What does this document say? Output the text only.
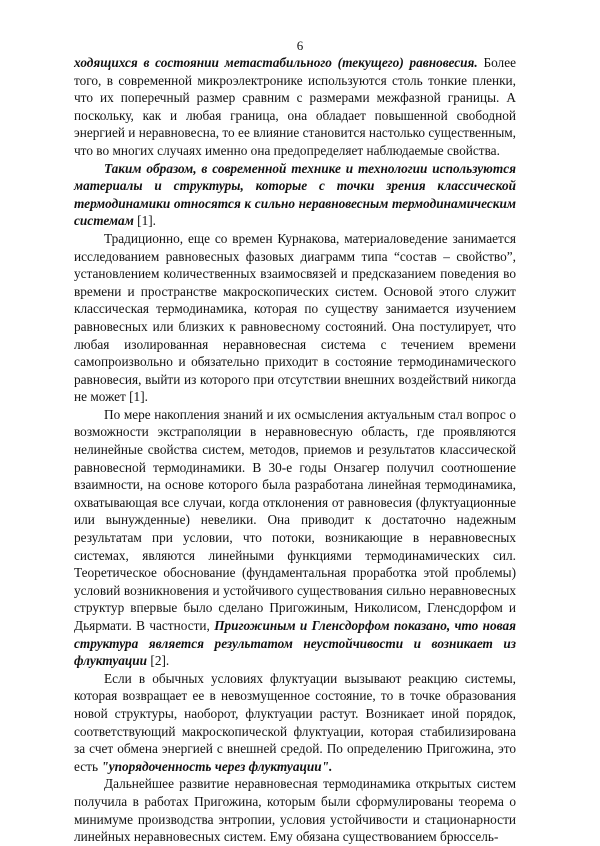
6

ходящихся в состоянии метастабильного (текущего) равновесия. Более того, в современной микроэлектронике используются столь тонкие пленки, что их поперечный размер сравним с размерами межфазной границы. А поскольку, как и любая граница, она обладает повышенной свободной энергией и неравновесна, то ее влияние становится настолько существенным, что во многих случаях именно она предопределяет наблюдаемые свойства.

Таким образом, в современной технике и технологии используются материалы и структуры, которые с точки зрения классической термодинамики относятся к сильно неравновесным термодинамическим системам [1].

Традиционно, еще со времен Курнакова, материаловедение занимается исследованием равновесных фазовых диаграмм типа “состав – свойство”, установлением количественных взаимосвязей и предсказанием поведения во времени и пространстве макроскопических систем. Основой этого служит классическая термодинамика, которая по существу занимается изучением равновесных или близких к равновесному состояний. Она постулирует, что любая изолированная неравновесная система с течением времени самопроизвольно и обязательно приходит в состояние термодинамического равновесия, выйти из которого при отсутствии внешних воздействий никогда не может [1].

По мере накопления знаний и их осмысления актуальным стал вопрос о возможности экстраполяции в неравновесную область, где проявляются нелинейные свойства систем, методов, приемов и результатов классической равновесной термодинамики. В 30-е годы Онзагер получил соотношение взаимности, на основе которого была разработана линейная термодинамика, охватывающая все случаи, когда отклонения от равновесия (флуктуационные или вынужденные) невелики. Она приводит к достаточно надежным результатам при условии, что потоки, возникающие в неравновесных системах, являются линейными функциями термодинамических сил. Теоретическое обоснование (фундаментальная проработка этой проблемы) условий возникновения и устойчивого существования сильно неравновесных структур впервые было сделано Пригожиным, Николисом, Гленсдорфом и Дьярмати. В частности, Пригожиным и Гленсдорфом показано, что новая структура является результатом неустойчивости и возникает из флуктуации [2].

Если в обычных условиях флуктуации вызывают реакцию системы, которая возвращает ее в невозмущенное состояние, то в точке образования новой структуры, наоборот, флуктуации растут. Возникает иной порядок, соответствующий макроскопической флуктуации, которая стабилизирована за счет обмена энергией с внешней средой. По определению Пригожина, это есть "упорядоченность через флуктуации".

Дальнейшее развитие неравновесная термодинамика открытых систем получила в работах Пригожина, которым были сформулированы теорема о минимуме производства энтропии, условия устойчивости и стационарности линейных неравновесных систем. Ему обязана существованием брюссель-
